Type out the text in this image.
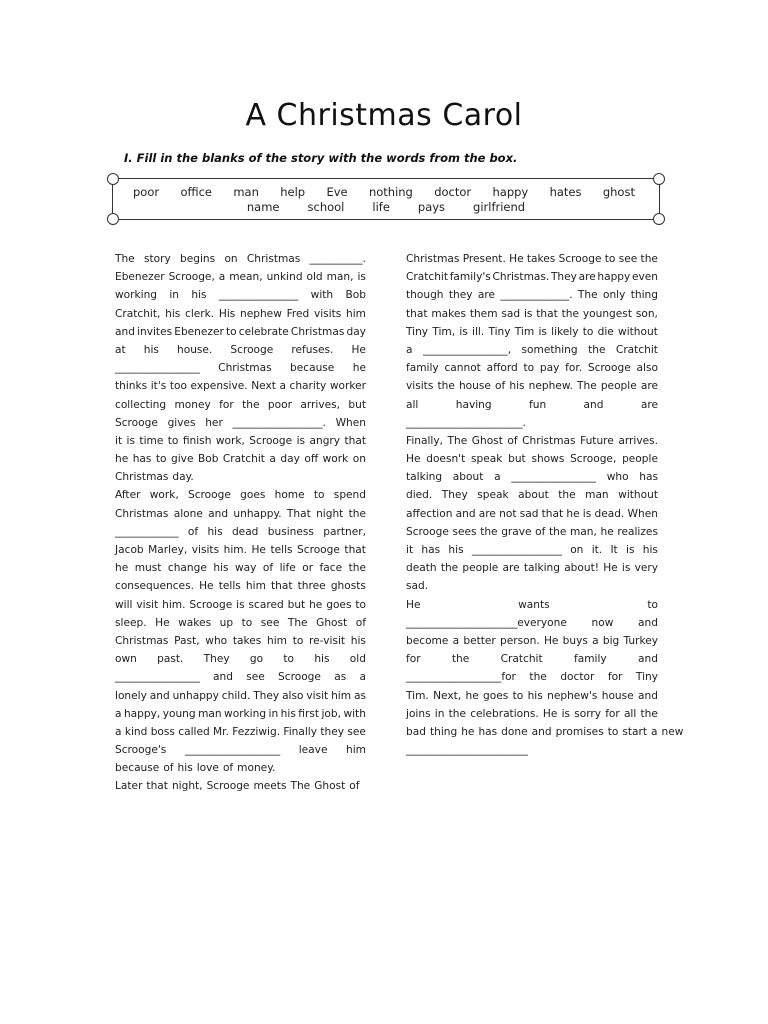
A Christmas Carol
I. Fill in the blanks of the story with the words from the box.
poor office man help Eve nothing doctor happy hates ghost
name school life pays girlfriend
The story begins on Christmas __________.
Ebenezer Scrooge, a mean, unkind old man, is
working in his _______________ with Bob
Cratchit, his clerk. His nephew Fred visits him
and invites Ebenezer to celebrate Christmas day
at his house. Scrooge refuses. He
________________ Christmas because he
thinks it's too expensive. Next a charity worker
collecting money for the poor arrives, but
Scrooge gives her _________________. When
it is time to finish work, Scrooge is angry that
he has to give Bob Cratchit a day off work on
Christmas day.
After work, Scrooge goes home to spend
Christmas alone and unhappy. That night the
____________ of his dead business partner,
Jacob Marley, visits him. He tells Scrooge that
he must change his way of life or face the
consequences. He tells him that three ghosts
will visit him. Scrooge is scared but he goes to
sleep. He wakes up to see The Ghost of
Christmas Past, who takes him to re-visit his
own past. They go to his old
________________ and see Scrooge as a
lonely and unhappy child. They also visit him as
a happy, young man working in his first job, with
a kind boss called Mr. Fezziwig. Finally they see
Scrooge's __________________ leave him
because of his love of money.
Later that night, Scrooge meets The Ghost of
Christmas Present. He takes Scrooge to see the
Cratchit family's Christmas. They are happy even
though they are _____________. The only thing
that makes them sad is that the youngest son,
Tiny Tim, is ill. Tiny Tim is likely to die without
a ________________, something the Cratchit
family cannot afford to pay for. Scrooge also
visits the house of his nephew. The people are
all	having	fun	and	are
______________________.
Finally, The Ghost of Christmas Future arrives.
He doesn't speak but shows Scrooge, people
talking about a ________________ who has
died. They speak about the man without
affection and are not sad that he is dead. When
Scrooge sees the grave of the man, he realizes
it has his _________________ on it. It is his
death the people are talking about! He is very
sad.
He	wants	to
_____________________everyone now and
become a better person. He buys a big Turkey
for	the	Cratchit	family	and
__________________for the doctor for Tiny
Tim. Next, he goes to his nephew's house and
joins in the celebrations. He is sorry for all the
bad thing he has done and promises to start a new
_______________________
